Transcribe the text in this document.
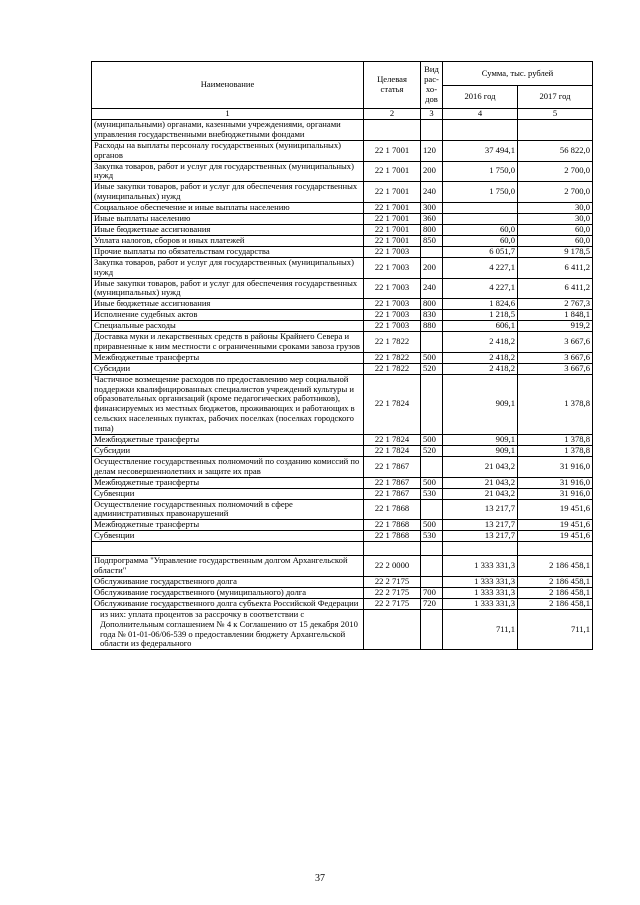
Наименование	Целевая статья	Вид рас-хо-дов	Сумма, тыс. рублей	
			2016 год	2017 год
1	2	3	4	5
(муниципальными) органами, казенными учреждениями, органами управления государственными внебюджетными фондами				
Расходы на выплаты персоналу государственных (муниципальных) органов	22 1 7001	120	37 494,1	56 822,0
Закупка товаров, работ и услуг для государственных (муниципальных) нужд	22 1 7001	200	1 750,0	2 700,0
Иные закупки товаров, работ и услуг для обеспечения государственных (муниципальных) нужд	22 1 7001	240	1 750,0	2 700,0
Социальное обеспечение и иные выплаты населению	22 1 7001	300		30,0
Иные выплаты населению	22 1 7001	360		30,0
Иные бюджетные ассигнования	22 1 7001	800	60,0	60,0
Уплата налогов, сборов и иных платежей	22 1 7001	850	60,0	60,0
Прочие выплаты по обязательствам государства	22 1 7003		6 051,7	9 178,5
Закупка товаров, работ и услуг для государственных (муниципальных) нужд	22 1 7003	200	4 227,1	6 411,2
Иные закупки товаров, работ и услуг для обеспечения государственных (муниципальных) нужд	22 1 7003	240	4 227,1	6 411,2
Иные бюджетные ассигнования	22 1 7003	800	1 824,6	2 767,3
Исполнение судебных актов	22 1 7003	830	1 218,5	1 848,1
Специальные расходы	22 1 7003	880	606,1	919,2
Доставка муки и лекарственных средств в районы Крайнего Севера и приравненные к ним местности с ограниченными сроками завоза грузов	22 1 7822		2 418,2	3 667,6
Межбюджетные трансферты	22 1 7822	500	2 418,2	3 667,6
Субсидии	22 1 7822	520	2 418,2	3 667,6
Частичное возмещение расходов по предоставлению мер социальной поддержки квалифицированных специалистов учреждений культуры и образовательных организаций (кроме педагогических работников), финансируемых из местных бюджетов, проживающих и работающих в сельских населенных пунктах, рабочих поселках (поселках городского типа)	22 1 7824		909,1	1 378,8
Межбюджетные трансферты	22 1 7824	500	909,1	1 378,8
Субсидии	22 1 7824	520	909,1	1 378,8
Осуществление государственных полномочий по созданию комиссий по делам несовершеннолетних и защите их прав	22 1 7867		21 043,2	31 916,0
Межбюджетные трансферты	22 1 7867	500	21 043,2	31 916,0
Субвенции	22 1 7867	530	21 043,2	31 916,0
Осуществление государственных полномочий в сфере административных правонарушений	22 1 7868		13 217,7	19 451,6
Межбюджетные трансферты	22 1 7868	500	13 217,7	19 451,6
Субвенции	22 1 7868	530	13 217,7	19 451,6

Подпрограмма "Управление государственным долгом Архангельской области"	22 2 0000		1 333 331,3	2 186 458,1
Обслуживание государственного долга	22 2 7175		1 333 331,3	2 186 458,1
Обслуживание государственного (муниципального) долга	22 2 7175	700	1 333 331,3	2 186 458,1
Обслуживание государственного долга субъекта Российской Федерации	22 2 7175	720	1 333 331,3	2 186 458,1
из них: уплата процентов за рассрочку в соответствии с Дополнительным соглашением № 4 к Соглашению от 15 декабря 2010 года № 01-01-06/06-539 о предоставлении бюджету Архангельской области из федерального			711,1	711,1
37
